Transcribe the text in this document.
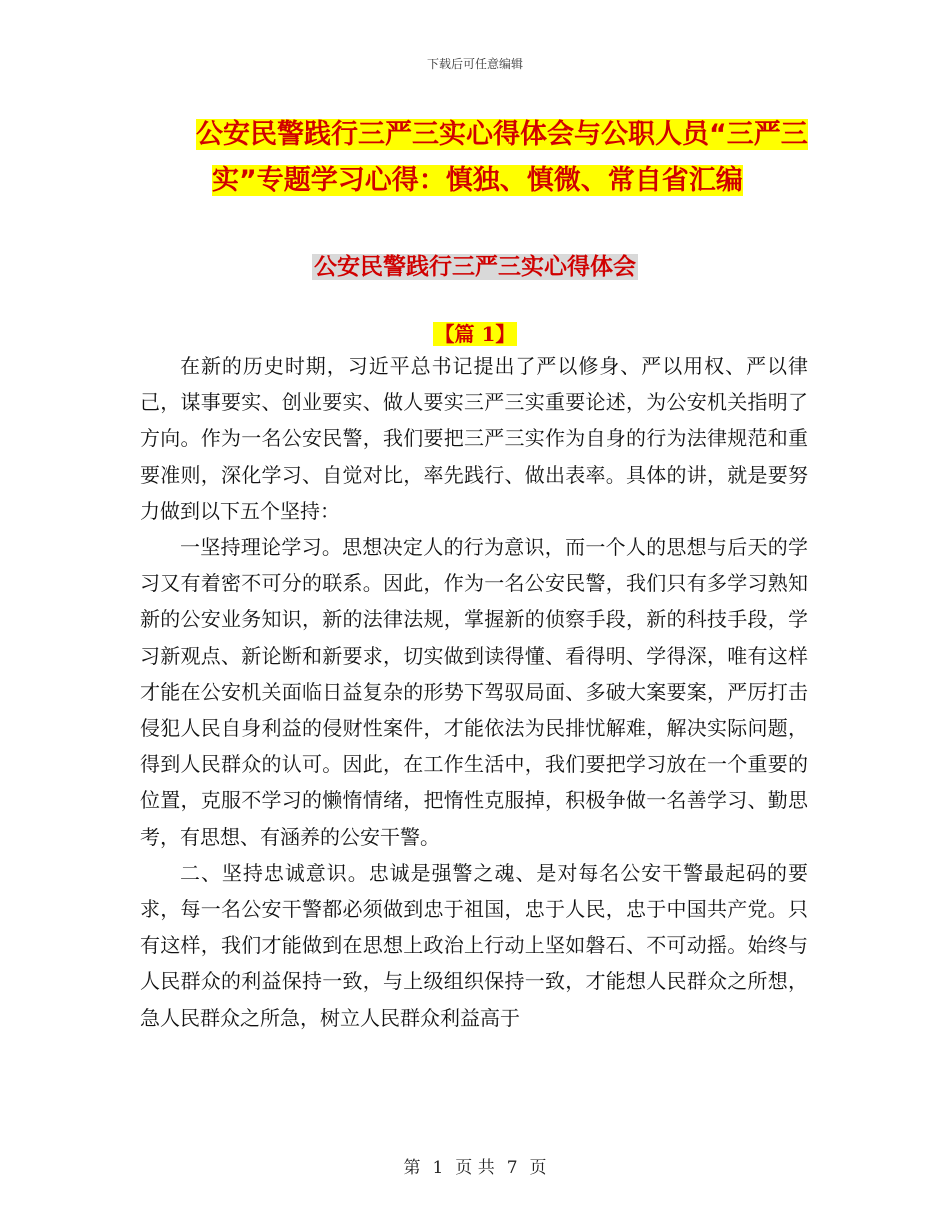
下载后可任意编辑
公安民警践行三严三实心得体会与公职人员“三严三
实”专题学习心得：慎独、慎微、常自省汇编
公安民警践行三严三实心得体会
【篇 1】

在新的历史时期，习近平总书记提出了严以修身、严以用权、严以律己，谋事要实、创业要实、做人要实三严三实重要论述，为公安机关指明了方向。作为一名公安民警，我们要把三严三实作为自身的行为法律规范和重要准则，深化学习、自觉对比，率先践行、做出表率。具体的讲，就是要努力做到以下五个坚持：

一坚持理论学习。思想决定人的行为意识，而一个人的思想与后天的学习又有着密不可分的联系。因此，作为一名公安民警，我们只有多学习熟知新的公安业务知识，新的法律法规，掌握新的侦察手段，新的科技手段，学习新观点、新论断和新要求，切实做到读得懂、看得明、学得深，唯有这样才能在公安机关面临日益复杂的形势下驾驭局面、多破大案要案，严厉打击侵犯人民自身利益的侵财性案件，才能依法为民排忧解难，解决实际问题，得到人民群众的认可。因此，在工作生活中，我们要把学习放在一个重要的位置，克服不学习的懒惰情绪，把惰性克服掉，积极争做一名善学习、勤思考，有思想、有涵养的公安干警。

二、坚持忠诚意识。忠诚是强警之魂、是对每名公安干警最起码的要求，每一名公安干警都必须做到忠于祖国，忠于人民，忠于中国共产党。只有这样，我们才能做到在思想上政治上行动上坚如磐石、不可动摇。始终与人民群众的利益保持一致，与上级组织保持一致，才能想人民群众之所想，急人民群众之所急，树立人民群众利益高于

第 1 页 共 7 页
